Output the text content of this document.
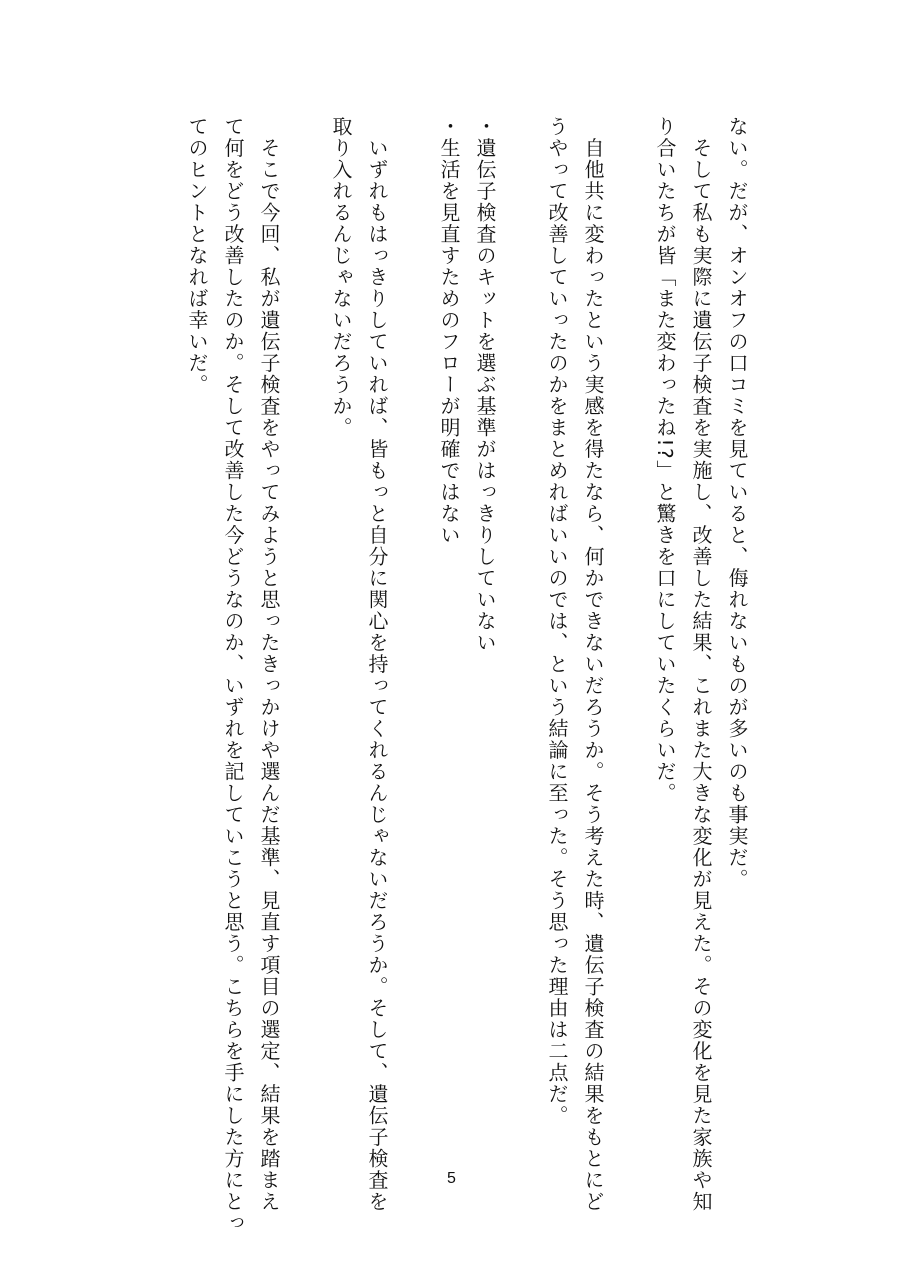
ない。だが、オンオフの口コミを見ていると、侮れないものが多いのも事実だ。
　そして私も実際に遺伝子検査を実施し、改善した結果、これまた大きな変化が見えた。その変化を見た家族や知
り合いたちが皆「また変わったね!?」と驚きを口にしていたくらいだ。
　自他共に変わったという実感を得たなら、何かできないだろうか。そう考えた時、遺伝子検査の結果をもとにど
うやって改善していったのかをまとめればいいのでは、という結論に至った。そう思った理由は二点だ。
・遺伝子検査のキットを選ぶ基準がはっきりしていない
・生活を見直すためのフローが明確ではない
　いずれもはっきりしていれば、皆もっと自分に関心を持ってくれるんじゃないだろうか。そして、遺伝子検査を
取り入れるんじゃないだろうか。
　そこで今回、私が遺伝子検査をやってみようと思ったきっかけや選んだ基準、見直す項目の選定、結果を踏まえ
て何をどう改善したのか。そして改善した今どうなのか、いずれを記していこうと思う。こちらを手にした方にとっ
てのヒントとなれば幸いだ。
5
